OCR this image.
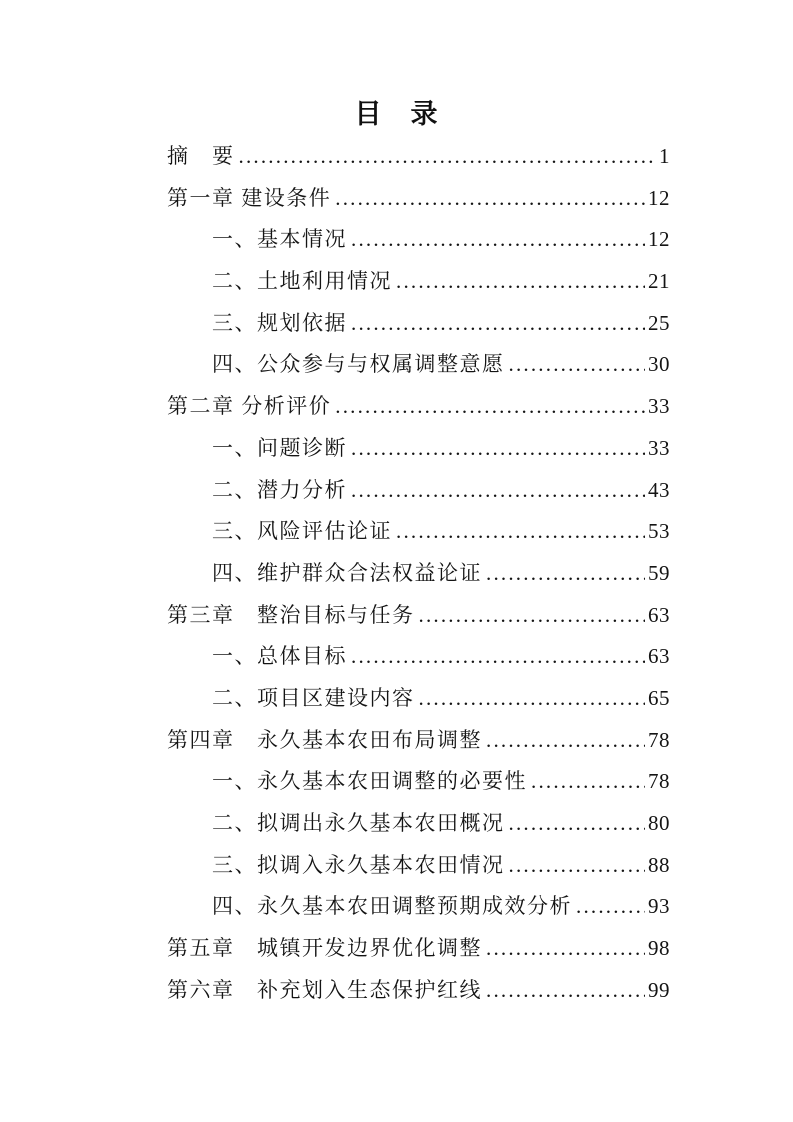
目　录
摘　要 .....	1
第一章 建设条件 .....	12
一、基本情况 .....	12
二、土地利用情况 .....	21
三、规划依据 .....	25
四、公众参与与权属调整意愿 .....	30
第二章 分析评价 .....	33
一、问题诊断 .....	33
二、潜力分析 .....	43
三、风险评估论证 .....	53
四、维护群众合法权益论证 .....	59
第三章　整治目标与任务 .....	63
一、总体目标 .....	63
二、项目区建设内容 .....	65
第四章　永久基本农田布局调整 .....	78
一、永久基本农田调整的必要性 .....	78
二、拟调出永久基本农田概况 .....	80
三、拟调入永久基本农田情况 .....	88
四、永久基本农田调整预期成效分析 .....	93
第五章　城镇开发边界优化调整 .....	98
第六章　补充划入生态保护红线 .....	99
